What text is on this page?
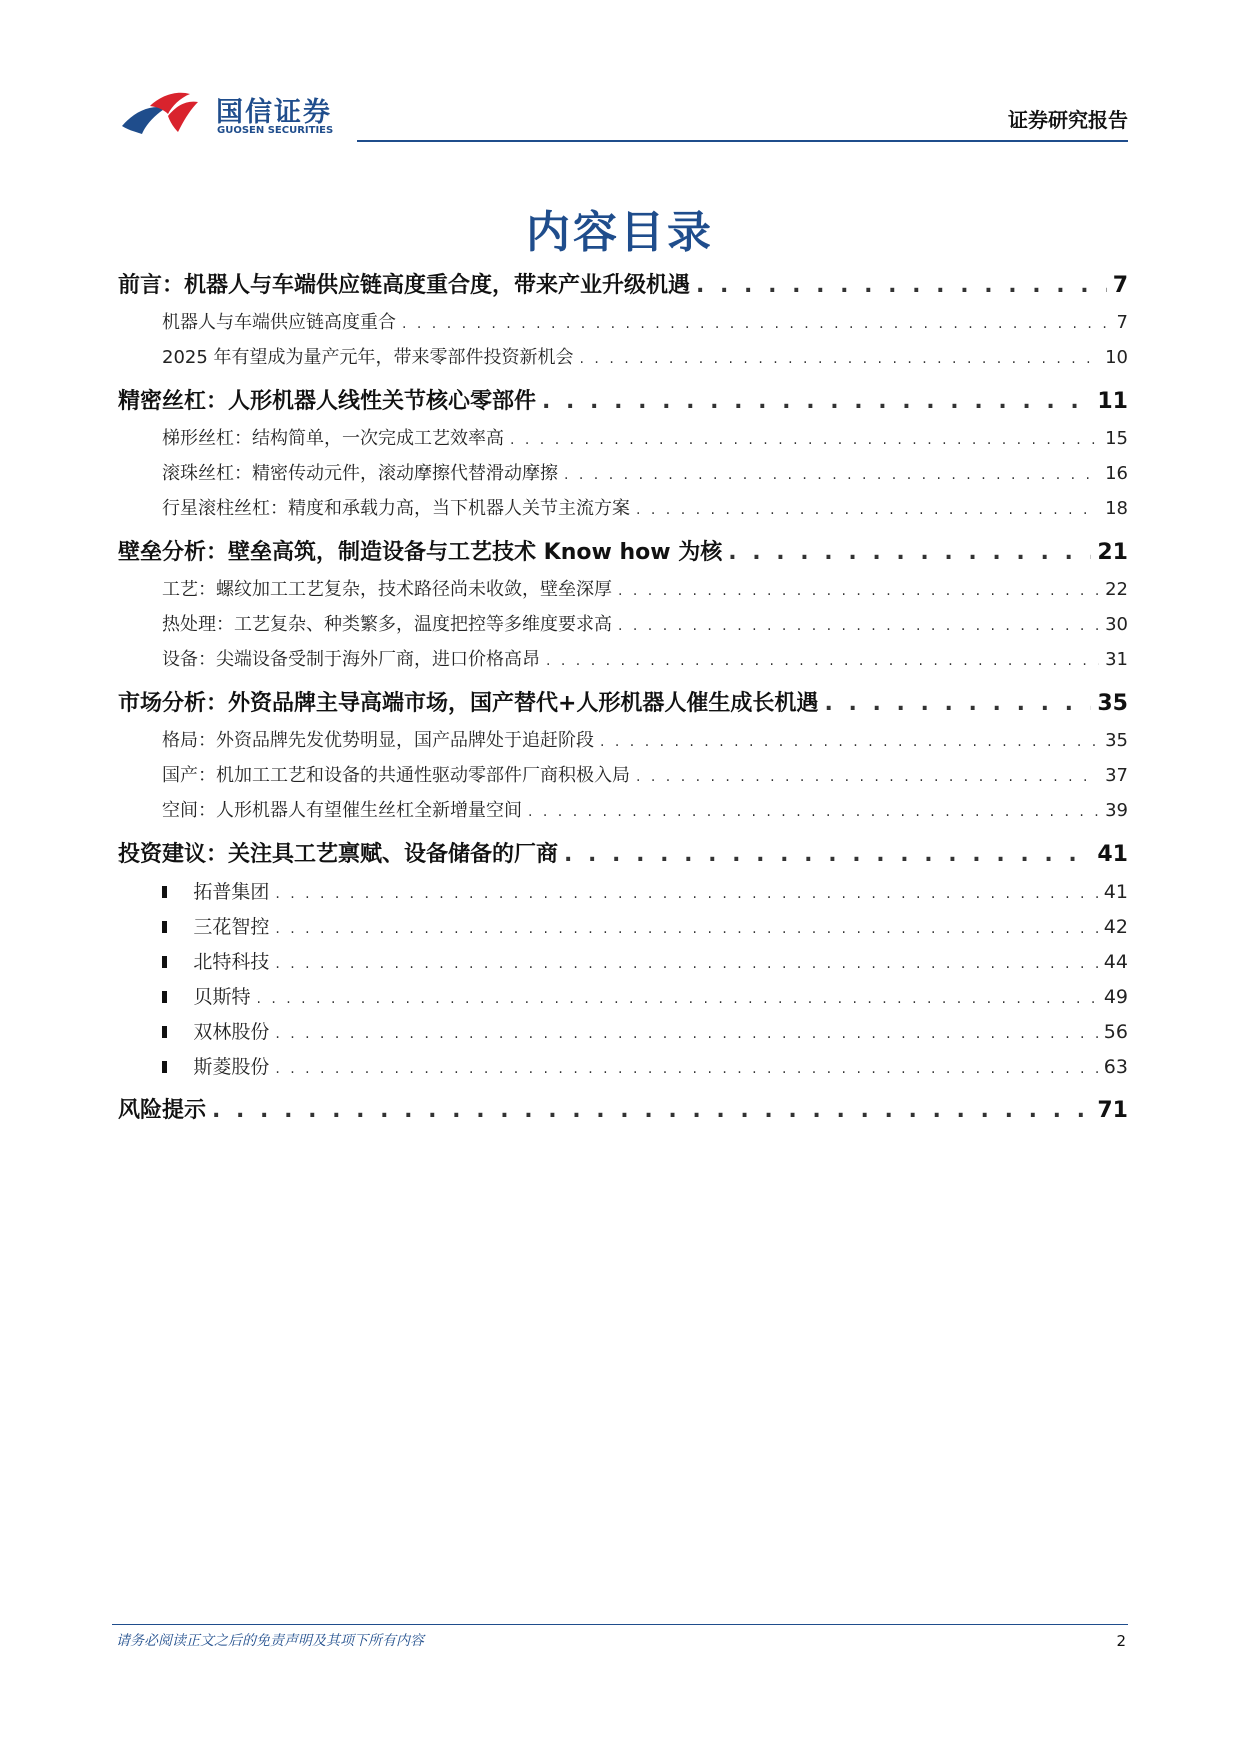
国信证券
GUOSEN SECURITIES	证券研究报告
内容目录
前言：机器人与车端供应链高度重合度，带来产业升级机遇 . . .	7
机器人与车端供应链高度重合 . . .	7
2025 年有望成为量产元年，带来零部件投资新机会 . . .	10
精密丝杠：人形机器人线性关节核心零部件 . . .	11
梯形丝杠：结构简单，一次完成工艺效率高 . . .	15
滚珠丝杠：精密传动元件，滚动摩擦代替滑动摩擦 . . .	16
行星滚柱丝杠：精度和承载力高，当下机器人关节主流方案 . . .	18
壁垒分析：壁垒高筑，制造设备与工艺技术 Know how 为核 . . .	21
工艺：螺纹加工工艺复杂，技术路径尚未收敛，壁垒深厚 . . .	22
热处理：工艺复杂、种类繁多，温度把控等多维度要求高 . . .	30
设备：尖端设备受制于海外厂商，进口价格高昂 . . .	31
市场分析：外资品牌主导高端市场，国产替代+人形机器人催生成长机遇 . . .	35
格局：外资品牌先发优势明显，国产品牌处于追赶阶段 . . .	35
国产：机加工工艺和设备的共通性驱动零部件厂商积极入局 . . .	37
空间：人形机器人有望催生丝杠全新增量空间 . . .	39
投资建议：关注具工艺禀赋、设备储备的厂商 . . .	41
拓普集团 . . .	41
三花智控 . . .	42
北特科技 . . .	44
贝斯特 . . .	49
双林股份 . . .	56
斯菱股份 . . .	63
风险提示 . . .	71
请务必阅读正文之后的免责声明及其项下所有内容	2
